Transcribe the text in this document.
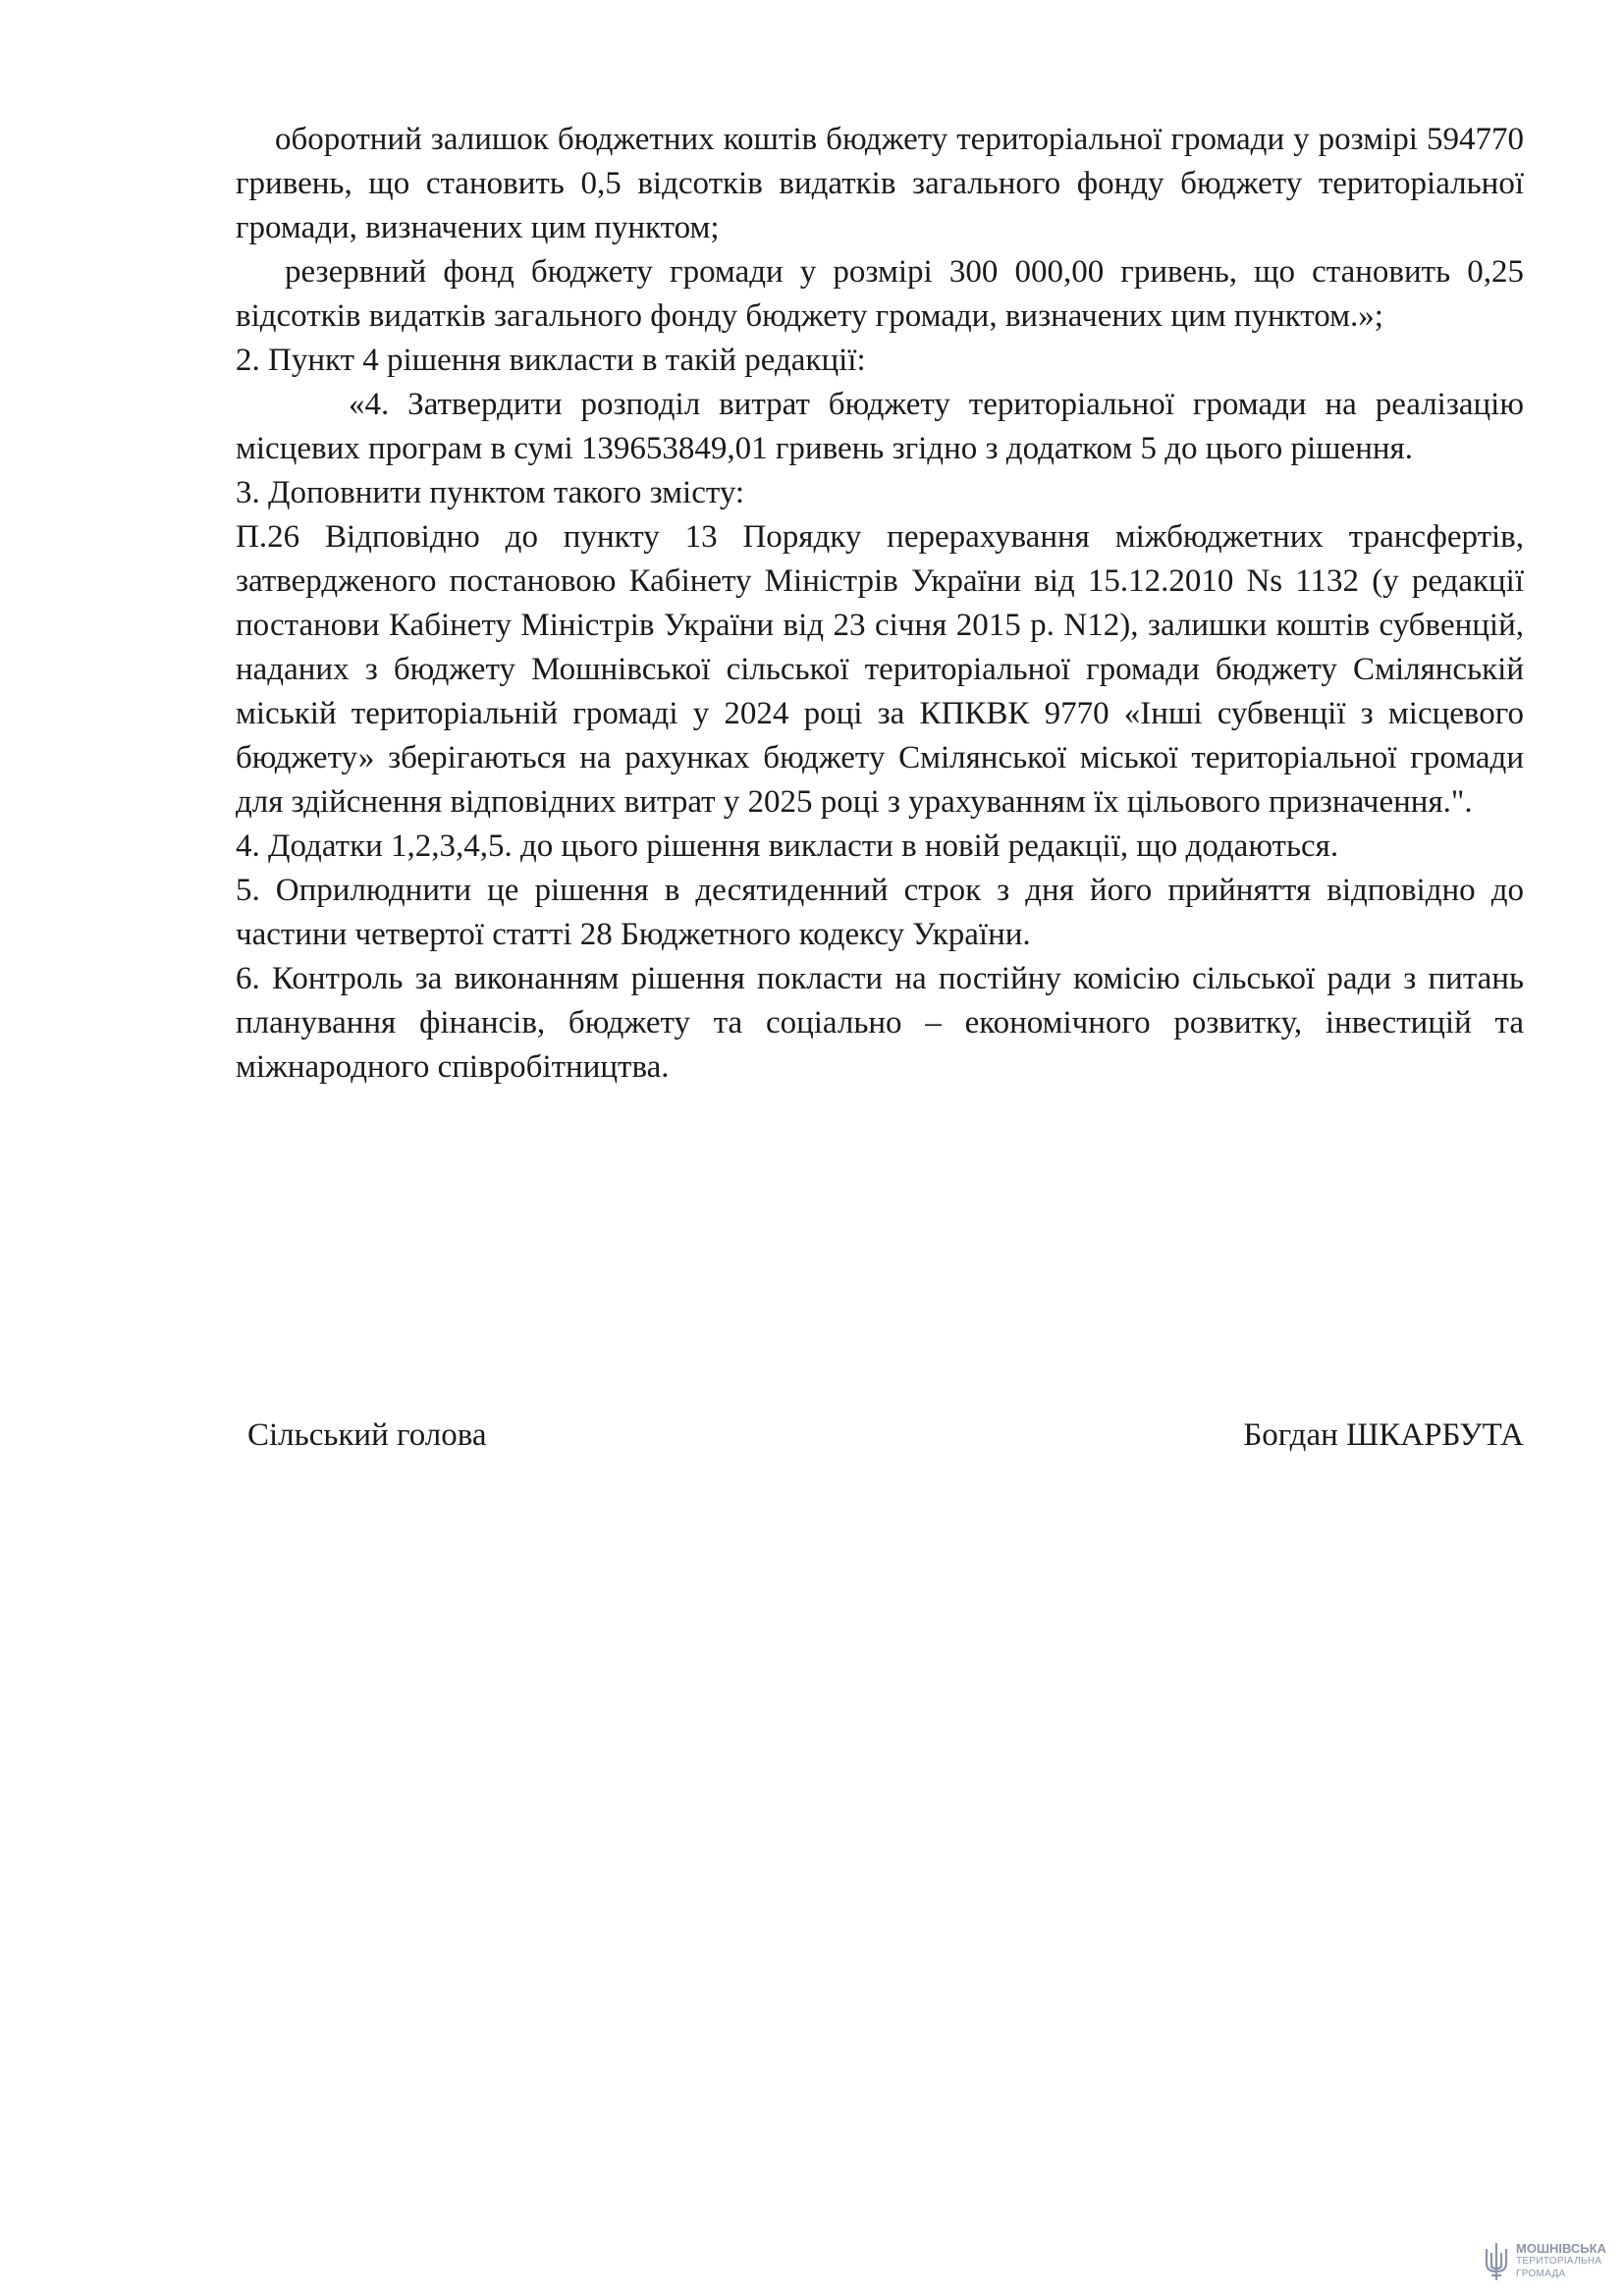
оборотний залишок бюджетних коштів бюджету територіальної громади у розмірі 594770 гривень, що становить 0,5 відсотків видатків загального фонду бюджету територіальної громади, визначених цим пунктом;

резервний фонд бюджету громади у розмірі 300 000,00 гривень, що становить 0,25 відсотків видатків загального фонду бюджету громади, визначених цим пунктом.»;

2. Пункт 4 рішення викласти в такій редакції:

«4. Затвердити розподіл витрат бюджету територіальної громади на реалізацію місцевих програм в сумі 139653849,01 гривень згідно з додатком 5 до цього рішення.

3. Доповнити пунктом такого змісту:

П.26 Відповідно до пункту 13 Порядку перерахування міжбюджетних трансфертів, затвердженого постановою Кабінету Міністрів України від 15.12.2010 Ns 1132 (у редакції постанови Кабінету Міністрів України від 23 січня 2015 р. N12), залишки коштів субвенцій, наданих з бюджету Мошнівської сільської територіальної громади бюджету Смілянській міській територіальній громаді у 2024 році за КПКВК 9770 «Інші субвенції з місцевого бюджету» зберігаються на рахунках бюджету Смілянської міської територіальної громади для здійснення відповідних витрат у 2025 році з урахуванням їх цільового призначення.".

4. Додатки 1,2,3,4,5. до цього рішення викласти в новій редакції, що додаються.

5. Оприлюднити це рішення в десятиденний строк з дня його прийняття відповідно до частини четвертої статті 28 Бюджетного кодексу України.

6. Контроль за виконанням рішення покласти на постійну комісію сільської ради з питань планування фінансів, бюджету та соціально – економічного розвитку, інвестицій та міжнародного співробітництва.

Сільський голова	Богдан ШКАРБУТА
МОШНІВСЬКА
ТЕРИТОРІАЛЬНА
ГРОМАДА
